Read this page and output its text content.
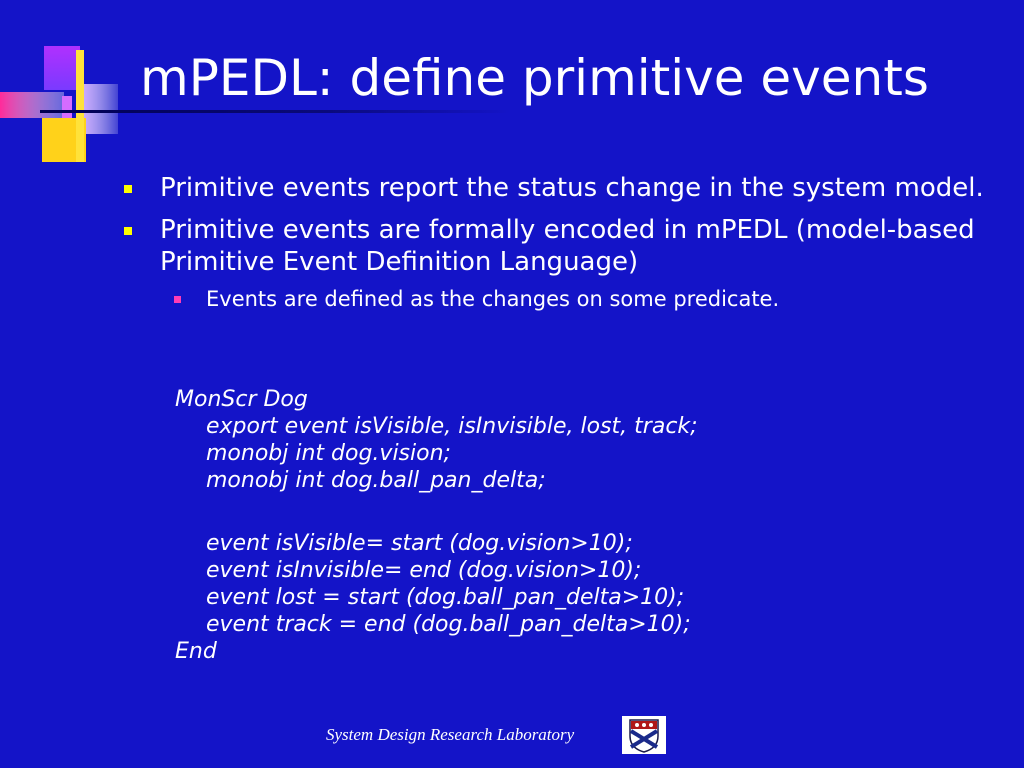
mPEDL: define primitive events
Primitive events report the status change in the system model.
Primitive events are formally encoded in mPEDL (model-based Primitive Event Definition Language)
Events are defined as the changes on some predicate.
MonScr Dog
export event isVisible, isInvisible, lost, track;
monobj int dog.vision;
monobj int dog.ball_pan_delta;
event isVisible= start (dog.vision>10);
event isInvisible= end (dog.vision>10);
event lost = start (dog.ball_pan_delta>10);
event track = end (dog.ball_pan_delta>10);
End
System Design Research Laboratory
